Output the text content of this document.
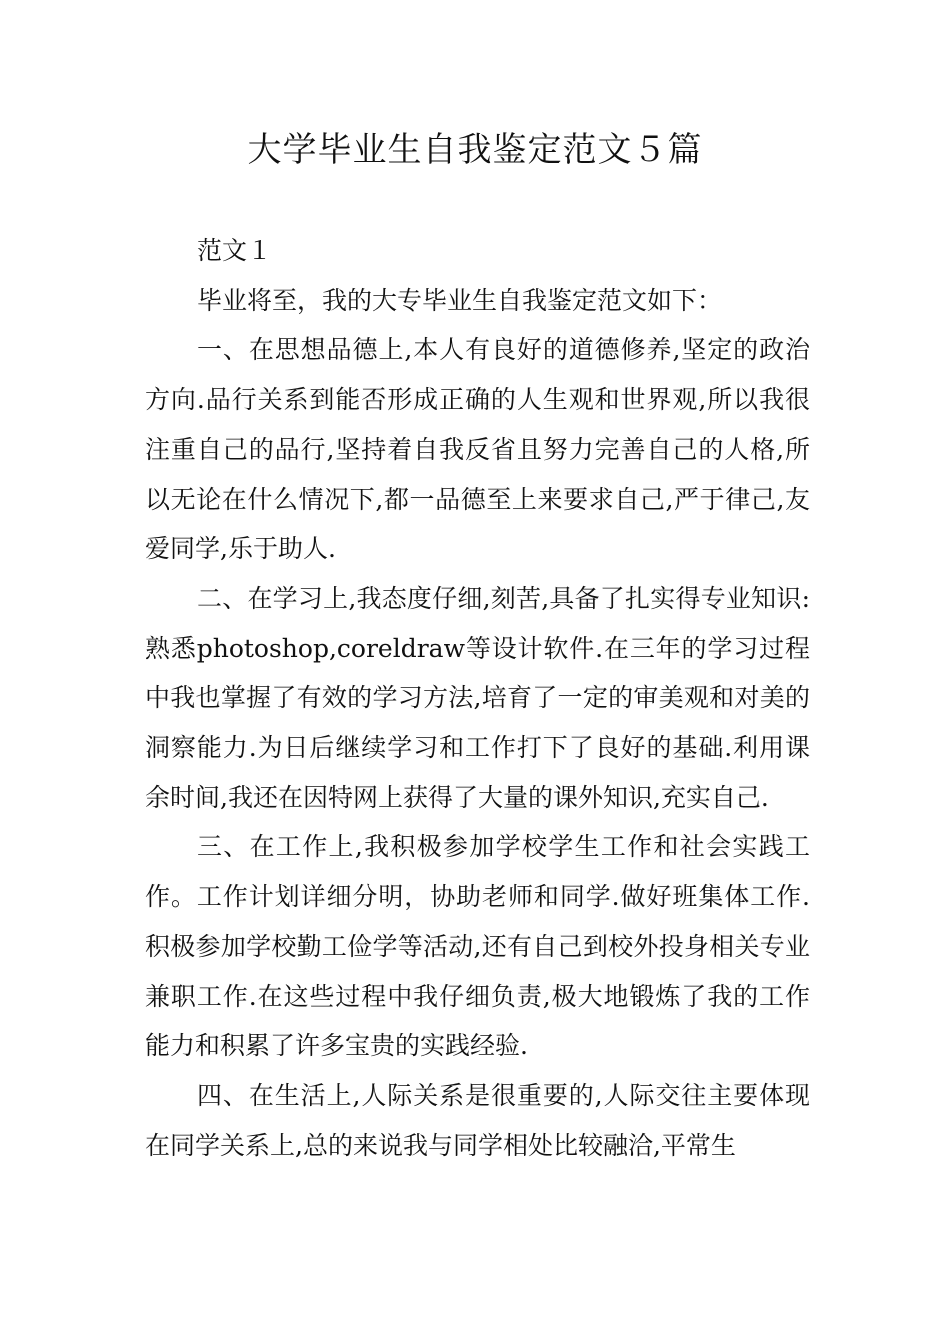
大学毕业生自我鉴定范文５篇

范文１

毕业将至，我的大专毕业生自我鉴定范文如下：

一、在思想品德上,本人有良好的道德修养,坚定的政治方向.品行关系到能否形成正确的人生观和世界观,所以我很注重自己的品行,坚持着自我反省且努力完善自己的人格,所以无论在什么情况下,都一品德至上来要求自己,严于律己,友爱同学,乐于助人.

二、在学习上,我态度仔细,刻苦,具备了扎实得专业知识:熟悉photoshop,coreldraw等设计软件.在三年的学习过程中我也掌握了有效的学习方法,培育了一定的审美观和对美的洞察能力.为日后继续学习和工作打下了良好的基础.利用课余时间,我还在因特网上获得了大量的课外知识,充实自己.

三、在工作上,我积极参加学校学生工作和社会实践工作。工作计划详细分明，协助老师和同学.做好班集体工作.积极参加学校勤工俭学等活动,还有自己到校外投身相关专业兼职工作.在这些过程中我仔细负责,极大地锻炼了我的工作能力和积累了许多宝贵的实践经验.

四、在生活上,人际关系是很重要的,人际交往主要体现在同学关系上,总的来说我与同学相处比较融洽,平常生
